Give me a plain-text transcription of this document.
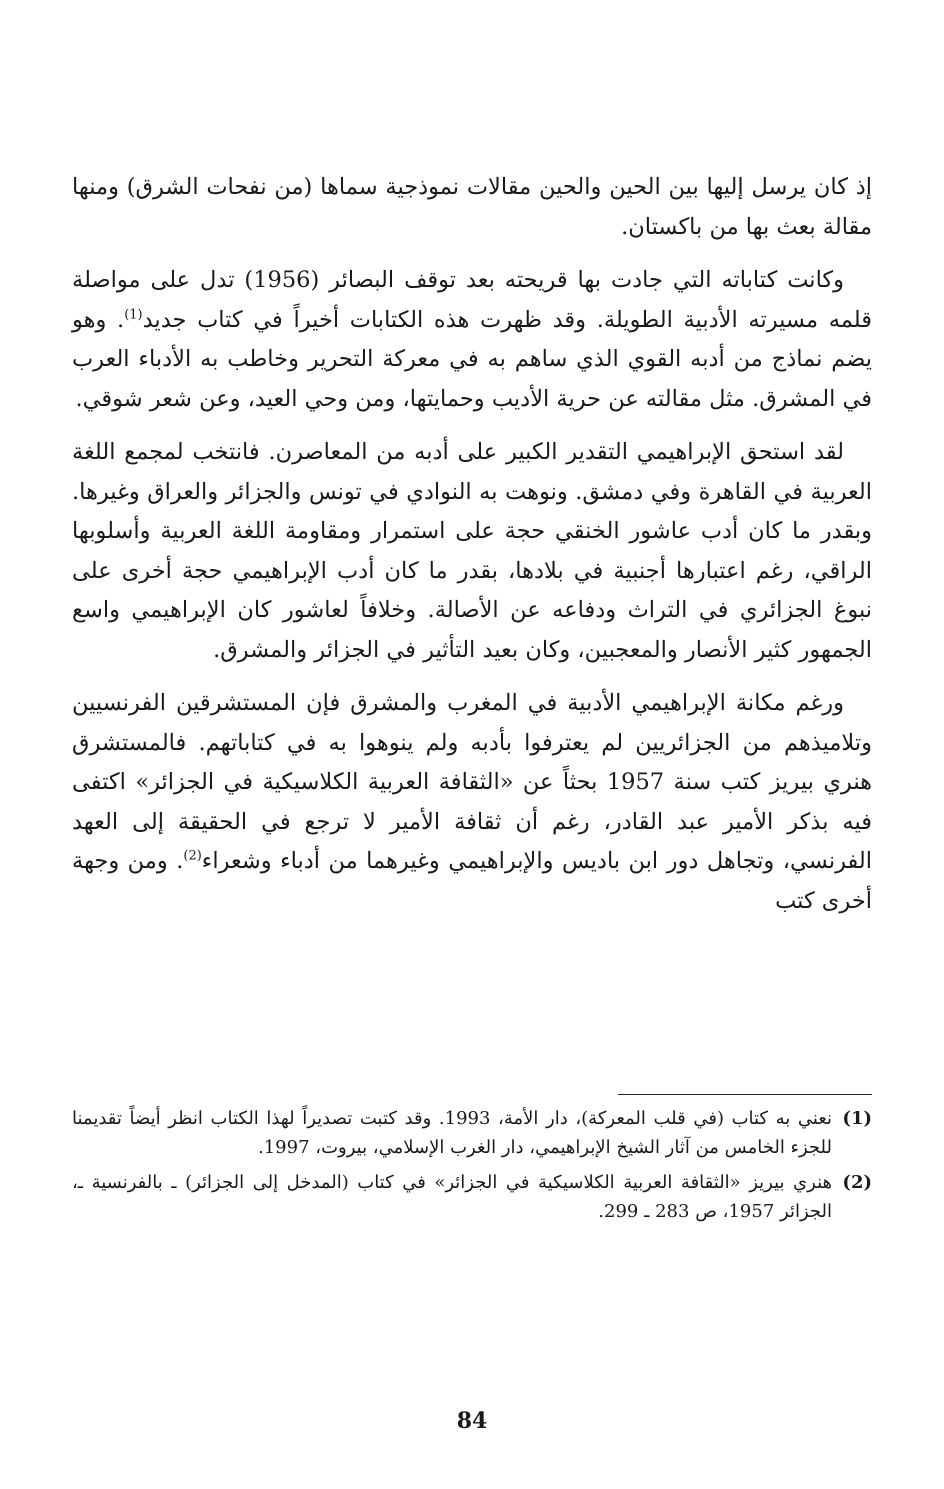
إذ كان يرسل إليها بين الحين والحين مقالات نموذجية سماها (من نفحات الشرق) ومنها مقالة بعث بها من باكستان.

وكانت كتاباته التي جادت بها قريحته بعد توقف البصائر (1956) تدل على مواصلة قلمه مسيرته الأدبية الطويلة. وقد ظهرت هذه الكتابات أخيراً في كتاب جديد$^{(1)}$. وهو يضم نماذج من أدبه القوي الذي ساهم به في معركة التحرير وخاطب به الأدباء العرب في المشرق. مثل مقالته عن حرية الأديب وحمايتها، ومن وحي العيد، وعن شعر شوقي.

لقد استحق الإبراهيمي التقدير الكبير على أدبه من المعاصرن. فانتخب لمجمع اللغة العربية في القاهرة وفي دمشق. ونوهت به النوادي في تونس والجزائر والعراق وغيرها. وبقدر ما كان أدب عاشور الخنقي حجة على استمرار ومقاومة اللغة العربية وأسلوبها الراقي، رغم اعتبارها أجنبية في بلادها، بقدر ما كان أدب الإبراهيمي حجة أخرى على نبوغ الجزائري في التراث ودفاعه عن الأصالة. وخلافاً لعاشور كان الإبراهيمي واسع الجمهور كثير الأنصار والمعجبين، وكان بعيد التأثير في الجزائر والمشرق.

ورغم مكانة الإبراهيمي الأدبية في المغرب والمشرق فإن المستشرقين الفرنسيين وتلاميذهم من الجزائريين لم يعترفوا بأدبه ولم ينوهوا به في كتاباتهم. فالمستشرق هنري بيريز كتب سنة 1957 بحثاً عن «الثقافة العربية الكلاسيكية في الجزائر» اكتفى فيه بذكر الأمير عبد القادر، رغم أن ثقافة الأمير لا ترجع في الحقيقة إلى العهد الفرنسي، وتجاهل دور ابن باديس والإبراهيمي وغيرهما من أدباء وشعراء$^{(2)}$. ومن وجهة أخرى كتب

(1)
نعني به كتاب (في قلب المعركة)، دار الأمة، 1993. وقد كتبت تصديراً لهذا الكتاب انظر أيضاً تقديمنا للجزء الخامس من آثار الشيخ الإبراهيمي، دار الغرب الإسلامي، بيروت، 1997.

(2)
هنري بيريز «الثقافة العربية الكلاسيكية في الجزائر» في كتاب (المدخل إلى الجزائر) ـ بالفرنسية ـ، الجزائر 1957، ص 283 ـ 299.

84
